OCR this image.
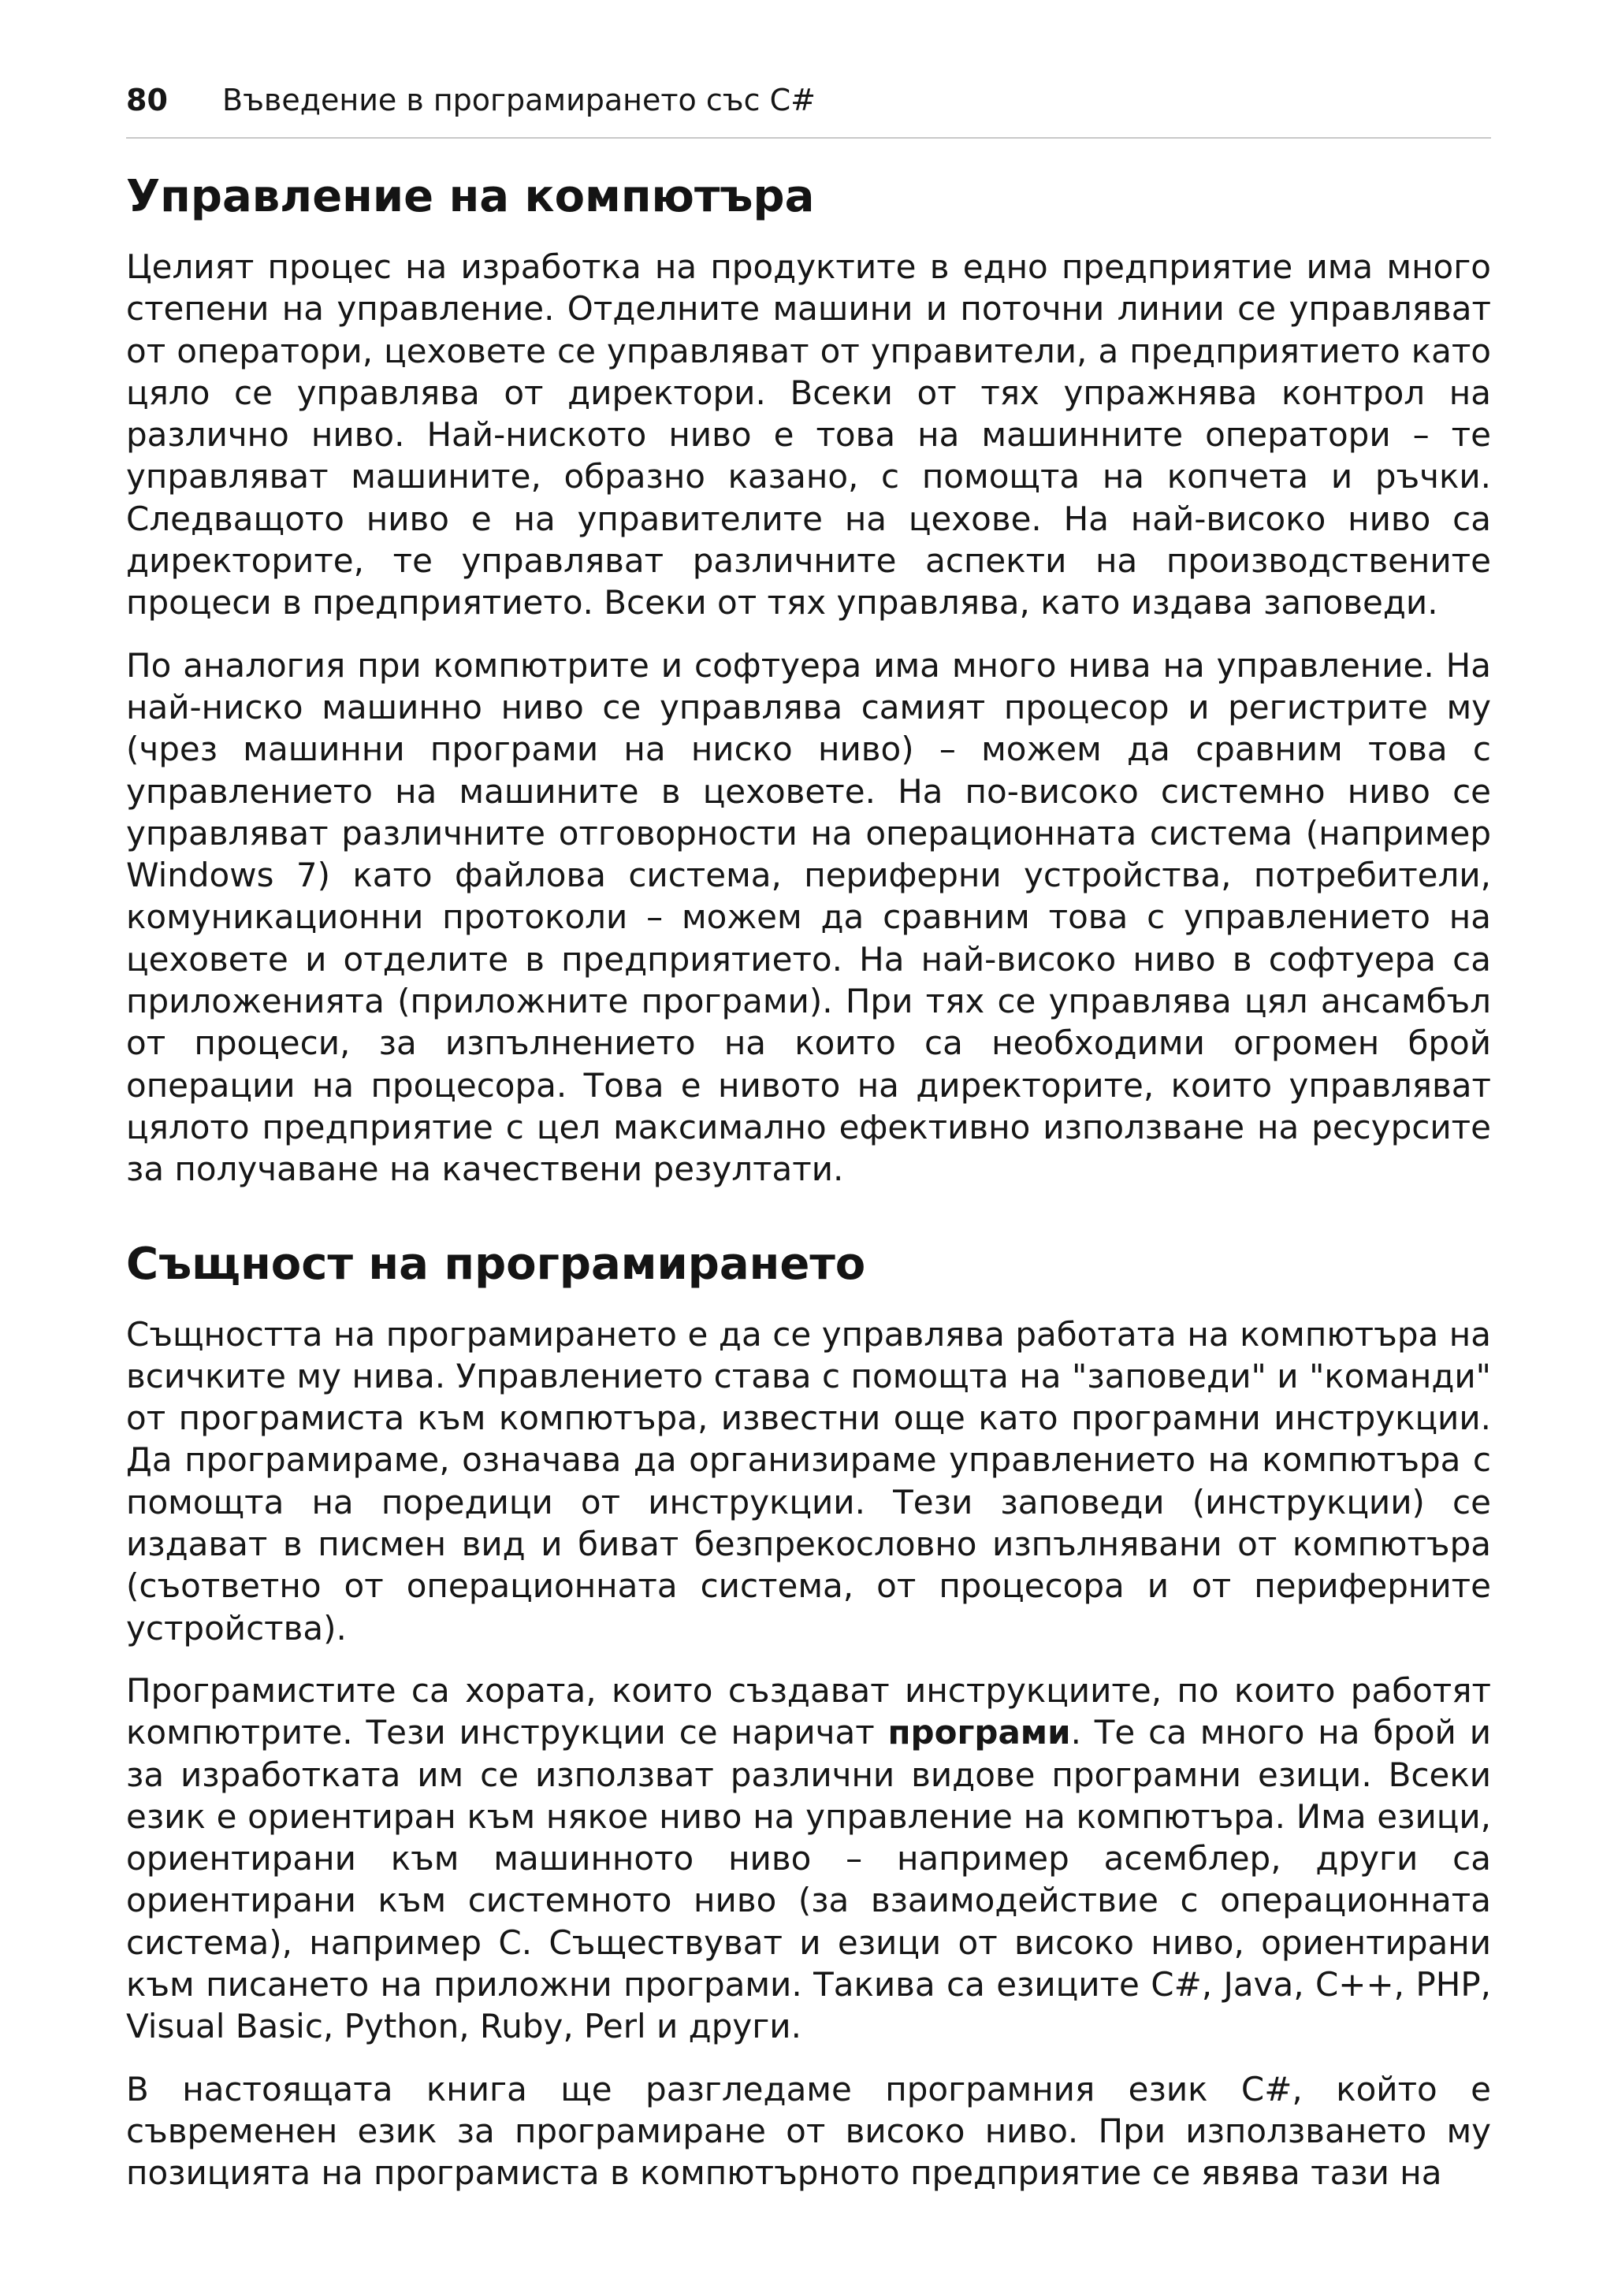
80 Въведение в програмирането със C#
Управление на компютъра

Целият процес на изработка на продуктите в едно предприятие има много степени на управление. Отделните машини и поточни линии се управляват от оператори, цеховете се управляват от управители, а предприятието като цяло се управлява от директори. Всеки от тях упражнява контрол на различно ниво. Най-ниското ниво е това на машинните оператори – те управляват машините, образно казано, с помощта на копчета и ръчки. Следващото ниво е на управителите на цехове. На най-високо ниво са директорите, те управляват различните аспекти на производствените процеси в предприятието. Всеки от тях управлява, като издава заповеди.

По аналогия при компютрите и софтуера има много нива на управление. На най-ниско машинно ниво се управлява самият процесор и регистрите му (чрез машинни програми на ниско ниво) – можем да сравним това с управлението на машините в цеховете. На по-високо системно ниво се управляват различните отговорности на операционната система (например Windows 7) като файлова система, периферни устройства, потребители, комуникационни протоколи – можем да сравним това с управлението на цеховете и отделите в предприятието. На най-високо ниво в софтуера са приложенията (приложните програми). При тях се управлява цял ансамбъл от процеси, за изпълнението на които са необходими огромен брой операции на процесора. Това е нивото на директорите, които управляват цялото предприятие с цел максимално ефективно използване на ресурсите за получаване на качествени резултати.

Същност на програмирането

Същността на програмирането е да се управлява работата на компютъра на всичките му нива. Управлението става с помощта на "заповеди" и "команди" от програмиста към компютъра, известни още като програмни инструкции. Да програмираме, означава да организираме управлението на компютъра с помощта на поредици от инструкции. Тези заповеди (инструкции) се издават в писмен вид и биват безпрекословно изпълнявани от компютъра (съответно от операционната система, от процесора и от периферните устройства).

Програмистите са хората, които създават инструкциите, по които работят компютрите. Тези инструкции се наричат програми. Те са много на брой и за изработката им се използват различни видове програмни езици. Всеки език е ориентиран към някое ниво на управление на компютъра. Има езици, ориентирани към машинното ниво – например асемблер, други са ориентирани към системното ниво (за взаимодействие с операционната система), например C. Съществуват и езици от високо ниво, ориентирани към писането на приложни програми. Такива са езиците C#, Java, C++, PHP, Visual Basic, Python, Ruby, Perl и други.

В настоящата книга ще разгледаме програмния език C#, който е съвременен език за програмиране от високо ниво. При използването му позицията на програмиста в компютърното предприятие се явява тази на
